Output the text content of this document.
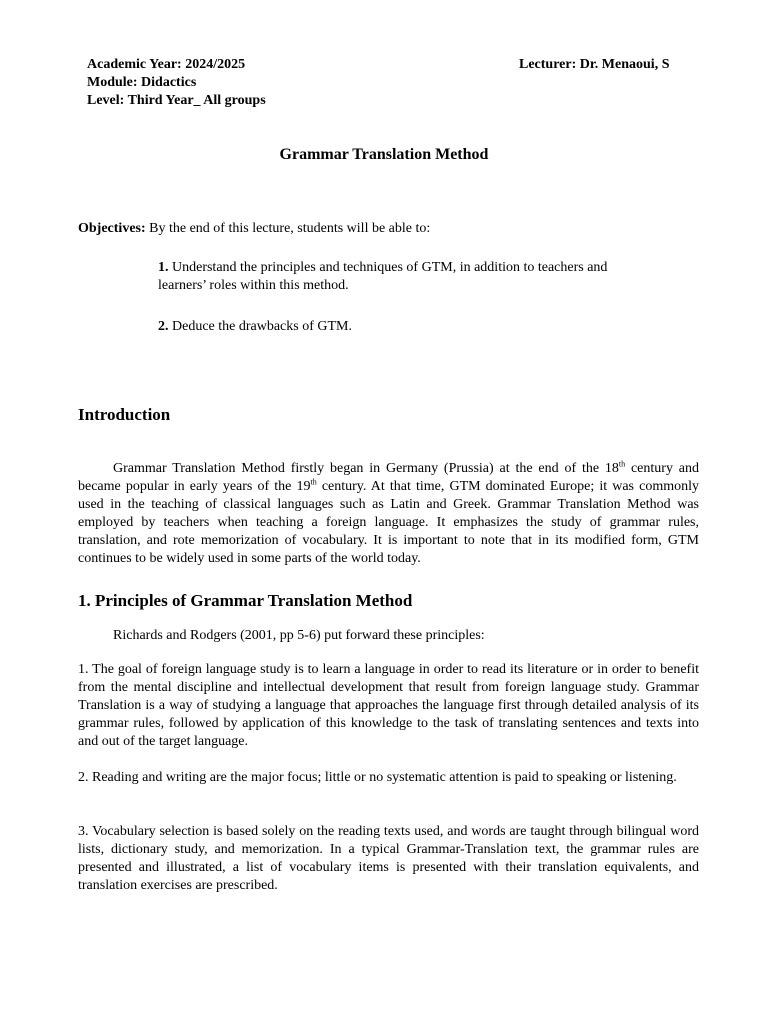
Academic Year: 2024/2025
Module: Didactics
Level: Third Year_ All groups
Lecturer: Dr. Menaoui, S
Grammar Translation Method
Objectives: By the end of this lecture, students will be able to:
1. Understand the principles and techniques of GTM, in addition to teachers and learners’ roles within this method.
2. Deduce the drawbacks of GTM.
Introduction
Grammar Translation Method firstly began in Germany (Prussia) at the end of the 18th century and became popular in early years of the 19th century. At that time, GTM dominated Europe; it was commonly used in the teaching of classical languages such as Latin and Greek. Grammar Translation Method was employed by teachers when teaching a foreign language. It emphasizes the study of grammar rules, translation, and rote memorization of vocabulary. It is important to note that in its modified form, GTM continues to be widely used in some parts of the world today.
1. Principles of Grammar Translation Method
Richards and Rodgers (2001, pp 5-6) put forward these principles:
1. The goal of foreign language study is to learn a language in order to read its literature or in order to benefit from the mental discipline and intellectual development that result from foreign language study. Grammar Translation is a way of studying a language that approaches the language first through detailed analysis of its grammar rules, followed by application of this knowledge to the task of translating sentences and texts into and out of the target language.
2. Reading and writing are the major focus; little or no systematic attention is paid to speaking or listening.
3. Vocabulary selection is based solely on the reading texts used, and words are taught through bilingual word lists, dictionary study, and memorization. In a typical Grammar-Translation text, the grammar rules are presented and illustrated, a list of vocabulary items is presented with their translation equivalents, and translation exercises are prescribed.
